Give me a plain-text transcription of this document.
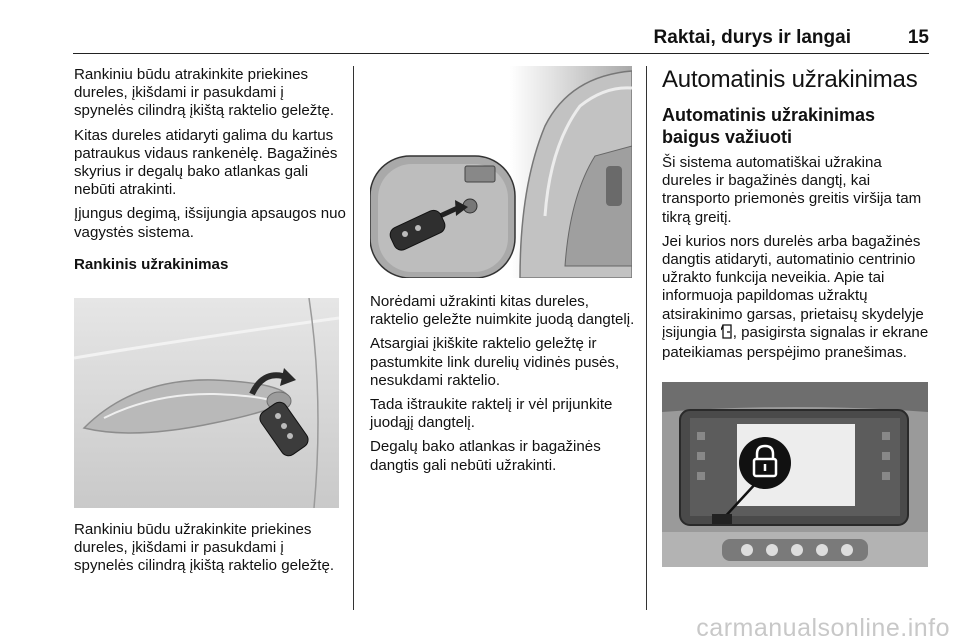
Raktai, durys ir langai	15

Rankiniu būdu atrakinkite priekines dureles, įkišdami ir pasukdami į spynelės cilindrą įkištą raktelio geležtę.

Kitas dureles atidaryti galima du kartus patraukus vidaus rankenėlę. Bagažinės skyrius ir degalų bako atlankas gali nebūti atrakinti.

Įjungus degimą, išsijungia apsaugos nuo vagystės sistema.

Rankinis užrakinimas

Rankiniu būdu užrakinkite priekines dureles, įkišdami ir pasukdami į spynelės cilindrą įkištą raktelio geležtę.

Norėdami užrakinti kitas dureles, raktelio geležte nuimkite juodą dangtelį.

Atsargiai įkiškite raktelio geležtę ir pastumkite link durelių vidinės pusės, nesukdami raktelio.

Tada ištraukite raktelį ir vėl prijunkite juodąjį dangtelį.

Degalų bako atlankas ir bagažinės dangtis gali nebūti užrakinti.

Automatinis užrakinimas
Automatinis užrakinimas baigus važiuoti

Ši sistema automatiškai užrakina dureles ir bagažinės dangtį, kai transporto priemonės greitis viršija tam tikrą greitį.

Jei kurios nors durelės arba bagažinės dangtis atidaryti, automatinio centrinio užrakto funkcija neveikia. Apie tai informuoja papildomas užraktų atsirakinimo garsas, prietaisų skydelyje įsijungia , pasigirsta signalas ir ekrane pateikiamas perspėjimo pranešimas.

carmanualsonline.info
